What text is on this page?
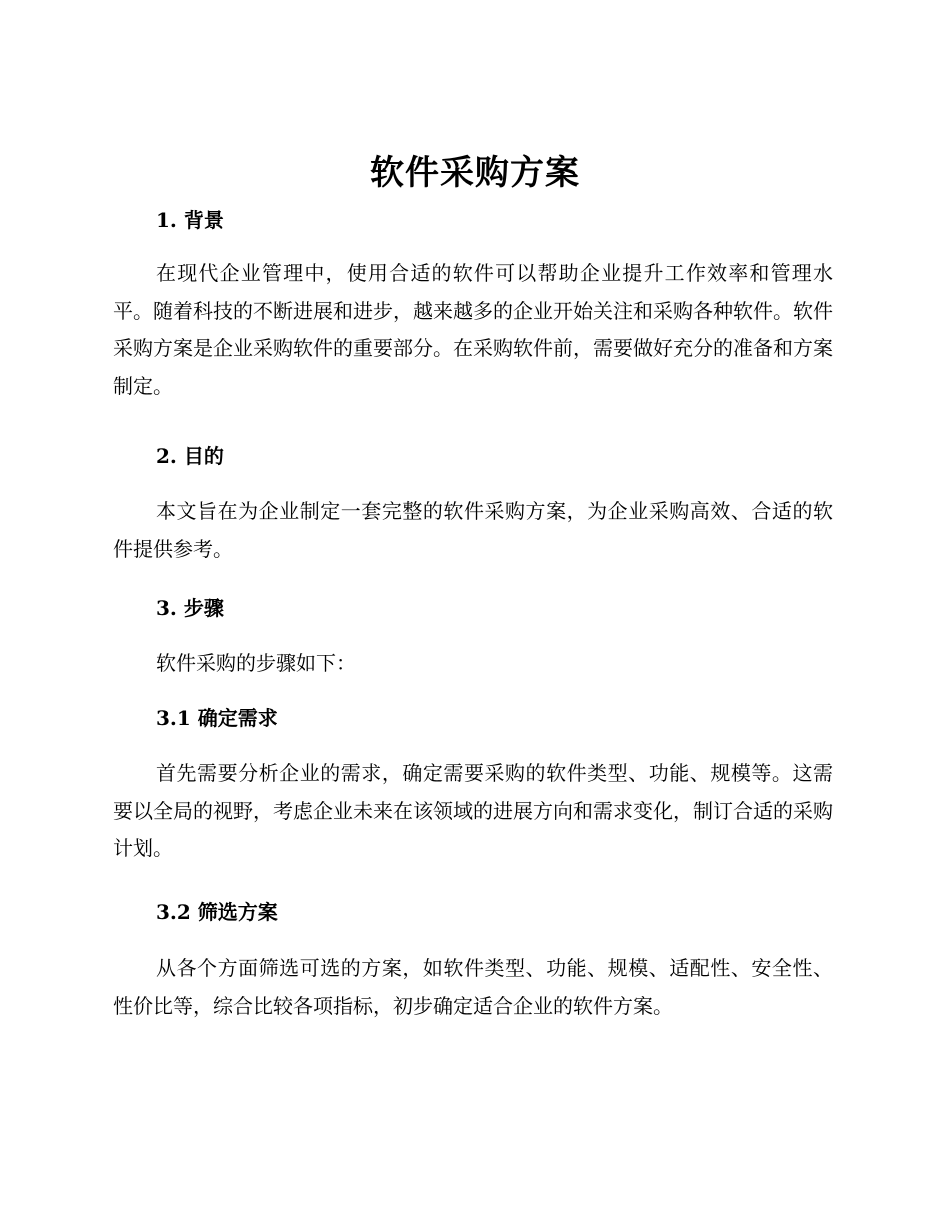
软件采购方案
1. 背景
在现代企业管理中，使用合适的软件可以帮助企业提升工作效率和管理水平。随着科技的不断进展和进步，越来越多的企业开始关注和采购各种软件。软件采购方案是企业采购软件的重要部分。在采购软件前，需要做好充分的准备和方案制定。
2. 目的
本文旨在为企业制定一套完整的软件采购方案，为企业采购高效、合适的软件提供参考。
3. 步骤
软件采购的步骤如下：
3.1 确定需求
首先需要分析企业的需求，确定需要采购的软件类型、功能、规模等。这需要以全局的视野，考虑企业未来在该领域的进展方向和需求变化，制订合适的采购计划。
3.2 筛选方案
从各个方面筛选可选的方案，如软件类型、功能、规模、适配性、安全性、性价比等，综合比较各项指标，初步确定适合企业的软件方案。
